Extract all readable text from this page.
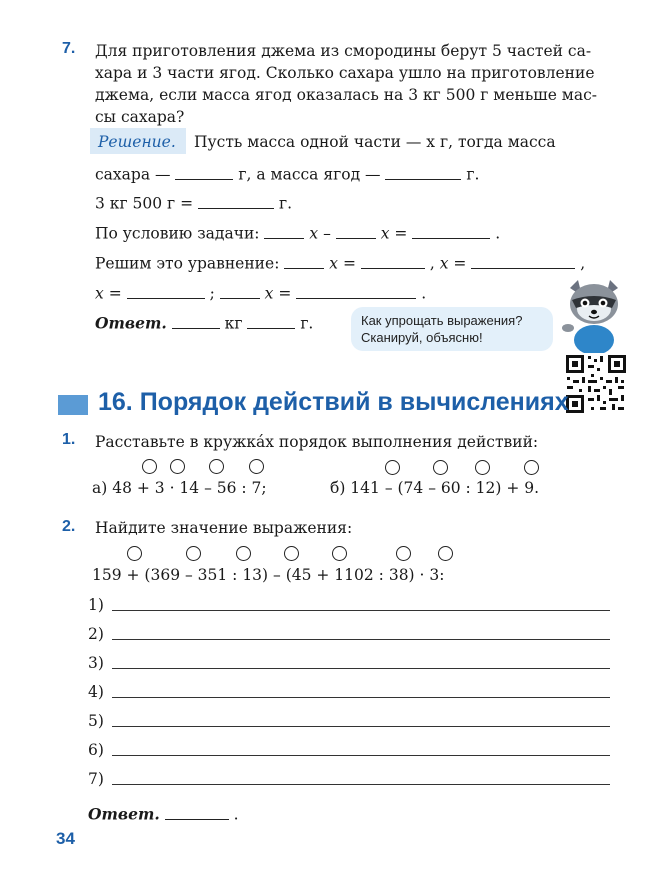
7. Для приготовления джема из смородины берут 5 частей са-
хара и 3 части ягод. Сколько сахара ушло на приготовление
джема, если масса ягод оказалась на 3 кг 500 г меньше мас-
сы сахара?
Решение. Пусть масса одной части — x г, тогда масса
сахара —	г, а масса ягод —	г.
3 кг 500 г =	г.
По условию задачи:	x –	x =	.
Решим это уравнение:	x =	, x =	,
x =	;	x =	.
Ответ.	кг	г.	Как упрощать выражения?
Сканируй, объясню!
16. Порядок действий в вычислениях
1. Расставьте в кружкáх порядок выполнения действий:
а) 48 + 3 · 14 – 56 : 7;	б) 141 – (74 – 60 : 12) + 9.
2. Найдите значение выражения:
159 + (369 – 351 : 13) – (45 + 1102 : 38) · 3:
1)
2)
3)
4)
5)
6)
7)
Ответ.	.
34
